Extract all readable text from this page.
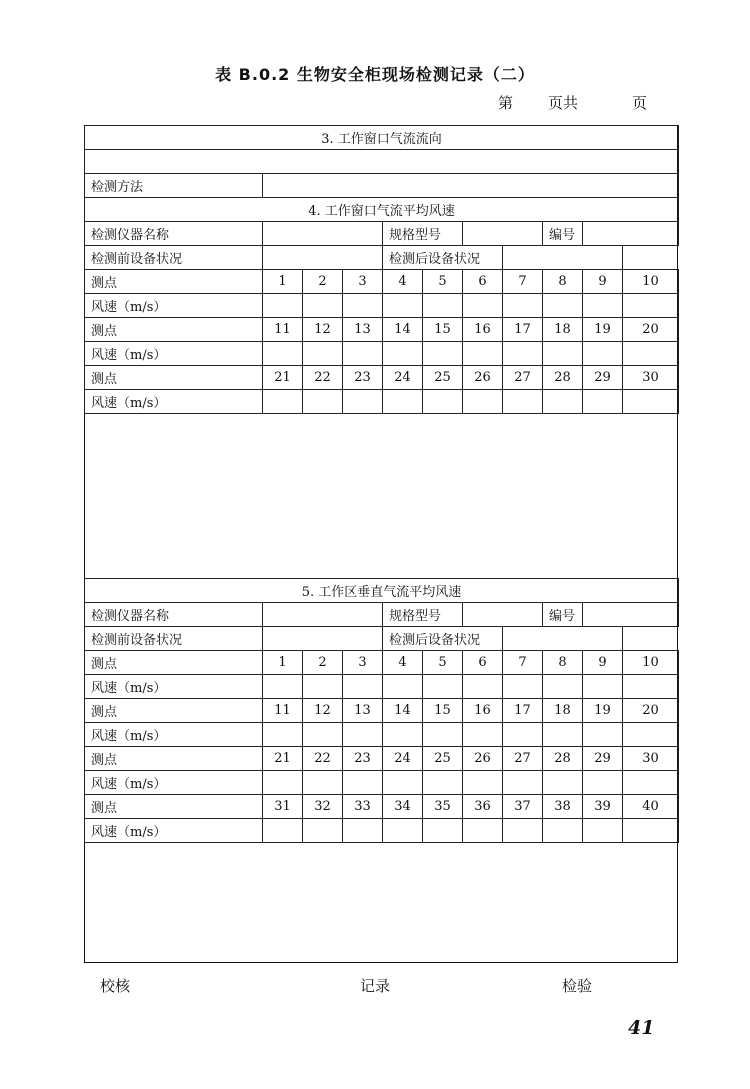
表 B.0.2 生物安全柜现场检测记录（二）
第 页共	页
3. 工作窗口气流流向										

检测方法										
4. 工作窗口气流平均风速										
检测仪器名称				规格型号				编号		
检测前设备状况				检测后设备状况						
测点	1	2	3	4	5	6	7	8	9	10
风速（m/s）										
测点	11	12	13	14	15	16	17	18	19	20
风速（m/s）										
测点	21	22	23	24	25	26	27	28	29	30
风速（m/s）										
5. 工作区垂直气流平均风速										
检测仪器名称				规格型号				编号		
检测前设备状况				检测后设备状况						
测点	1	2	3	4	5	6	7	8	9	10
风速（m/s）										
测点	11	12	13	14	15	16	17	18	19	20
风速（m/s）										
测点	21	22	23	24	25	26	27	28	29	30
风速（m/s）										
测点	31	32	33	34	35	36	37	38	39	40
风速（m/s）										
校核	记录	检验
41
